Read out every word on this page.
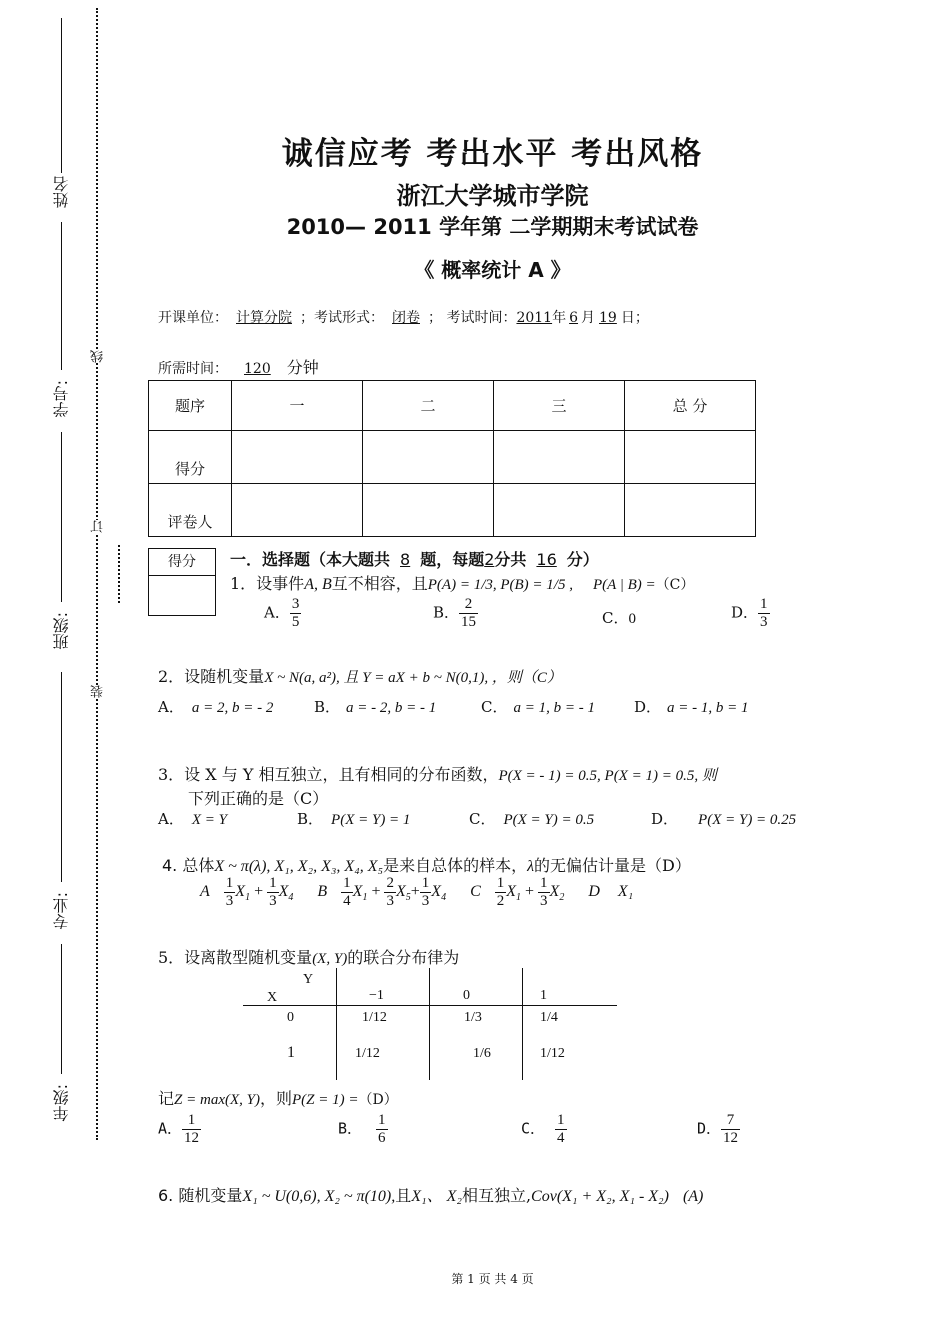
姓名
学号:
班级:
专业:
年级:
线
订
装
诚信应考 考出水平 考出风格
浙江大学城市学院
2010— 2011 学年第 二学期期末考试试卷
《 概率统计 A 》
开课单位： 计算分院 ；考试形式： 闭卷 ； 考试时间：2011年 6 月 19 日；
所需时间： 120 分钟
题序	一	二	三	总 分
得分				
评卷人				
得分	一．选择题（本大题共 8 题，每题2分共 16 分）
1．设事件A, B互不相容，且P(A) = 1/3, P(B) = 1/5 , P(A | B) =（C）
A． $\frac{3}{5}$	B． $\frac{2}{15}$	C．0	D． $\frac{1}{3}$
2．设随机变量X ~ N(a, a²), 且 Y = aX + b ~ N(0,1), ，则（C）
A． a = 2, b = - 2	B． a = - 2, b = - 1	C． a = 1, b = - 1	D． a = - 1, b = 1
3．设 X 与 Y 相互独立，且有相同的分布函数，P(X = - 1) = 0.5, P(X = 1) = 0.5, 则
下列正确的是（C）
A． X = Y	B． P(X = Y) = 1	C． P(X = Y) = 0.5	D． P(X = Y) = 0.25
4. 总体X ~ π(λ), X₁, X₂, X₃, X₄, X₅是来自总体的样本，λ的无偏估计量是（D）
A $\frac{1}{3} X_1 + \frac{1}{3} X_4$ B $\frac{1}{4} X_1 + \frac{2}{3} X_5+ \frac{1}{3} X_4$ C $\frac{1}{2} X_1 + \frac{1}{3} X_2$ D X₁
5．设离散型随机变量(X, Y)的联合分布律为
Y
X	−1	0	1
0	1/12	1/3	1/4
1	1/12	1/6	1/12
记Z = max(X, Y)，则P(Z = 1) =（D）
A． $\frac{1}{12}$	B． $\frac{1}{6}$	C． $\frac{1}{4}$	D． $\frac{7}{12}$
6. 随机变量X₁ ~ U(0,6), X₂ ~ π(10),且X₁、 X₂相互独立,Cov(X₁ + X₂, X₁ - X₂) (A)
第 1 页 共 4 页
